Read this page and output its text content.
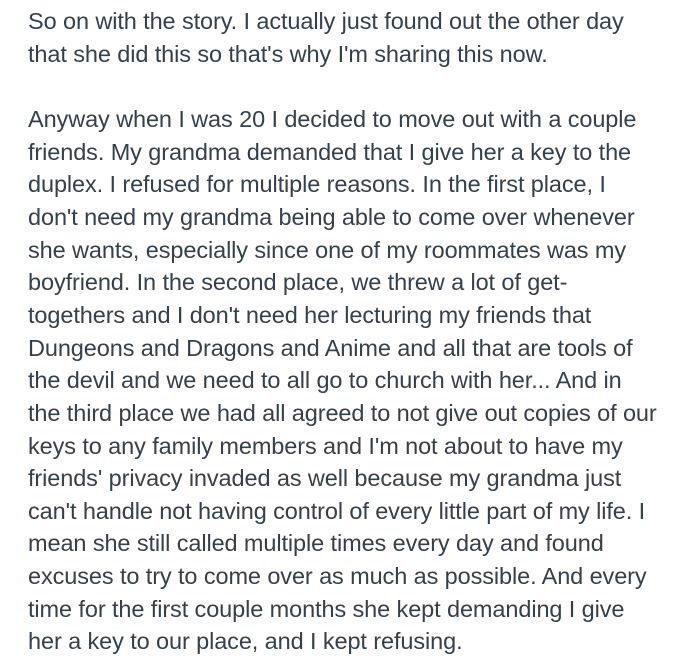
So on with the story. I actually just found out the other day
that she did this so that's why I'm sharing this now.
Anyway when I was 20 I decided to move out with a couple
friends. My grandma demanded that I give her a key to the
duplex. I refused for multiple reasons. In the first place, I
don't need my grandma being able to come over whenever
she wants, especially since one of my roommates was my
boyfriend. In the second place, we threw a lot of get-
togethers and I don't need her lecturing my friends that
Dungeons and Dragons and Anime and all that are tools of
the devil and we need to all go to church with her... And in
the third place we had all agreed to not give out copies of our
keys to any family members and I'm not about to have my
friends' privacy invaded as well because my grandma just
can't handle not having control of every little part of my life. I
mean she still called multiple times every day and found
excuses to try to come over as much as possible. And every
time for the first couple months she kept demanding I give
her a key to our place, and I kept refusing.
